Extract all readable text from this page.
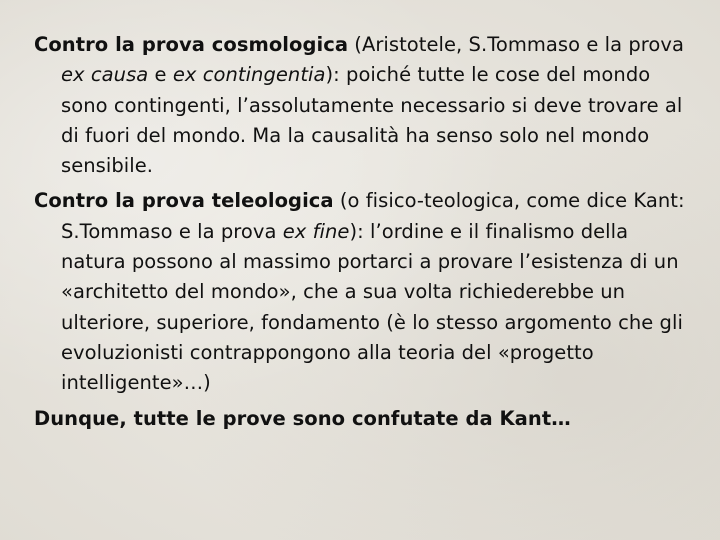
Contro la prova cosmologica (Aristotele, S.Tommaso e la prova ex causa e ex contingentia): poiché tutte le cose del mondo sono contingenti, l’assolutamente necessario si deve trovare al di fuori del mondo. Ma la causalità ha senso solo nel mondo sensibile.

Contro la prova teleologica (o fisico-teologica, come dice Kant: S.Tommaso e la prova ex fine): l’ordine e il finalismo della natura possono al massimo portarci a provare l’esistenza di un «architetto del mondo», che a sua volta richiederebbe un ulteriore, superiore, fondamento (è lo stesso argomento che gli evoluzionisti contrappongono alla teoria del «progetto intelligente»…)

Dunque, tutte le prove sono confutate da Kant…
